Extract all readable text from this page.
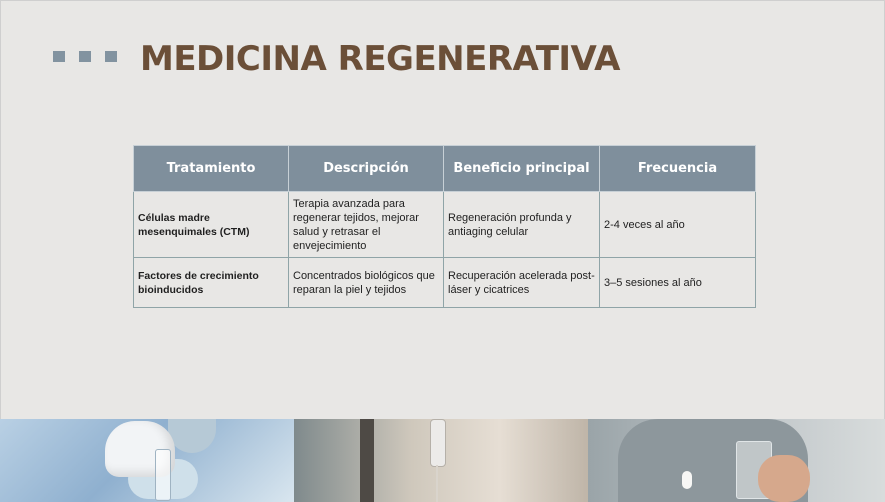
MEDICINA REGENERATIVA
Tratamiento	Descripción	Beneficio principal	Frecuencia
Células madre mesenquimales (CTM)	Terapia avanzada para regenerar tejidos, mejorar salud y retrasar el envejecimiento	Regeneración profunda y antiaging celular	2-4 veces al año
Factores de crecimiento bioinducidos	Concentrados biológicos que reparan la piel y tejidos	Recuperación acelerada post-láser y cicatrices	3–5 sesiones al año
